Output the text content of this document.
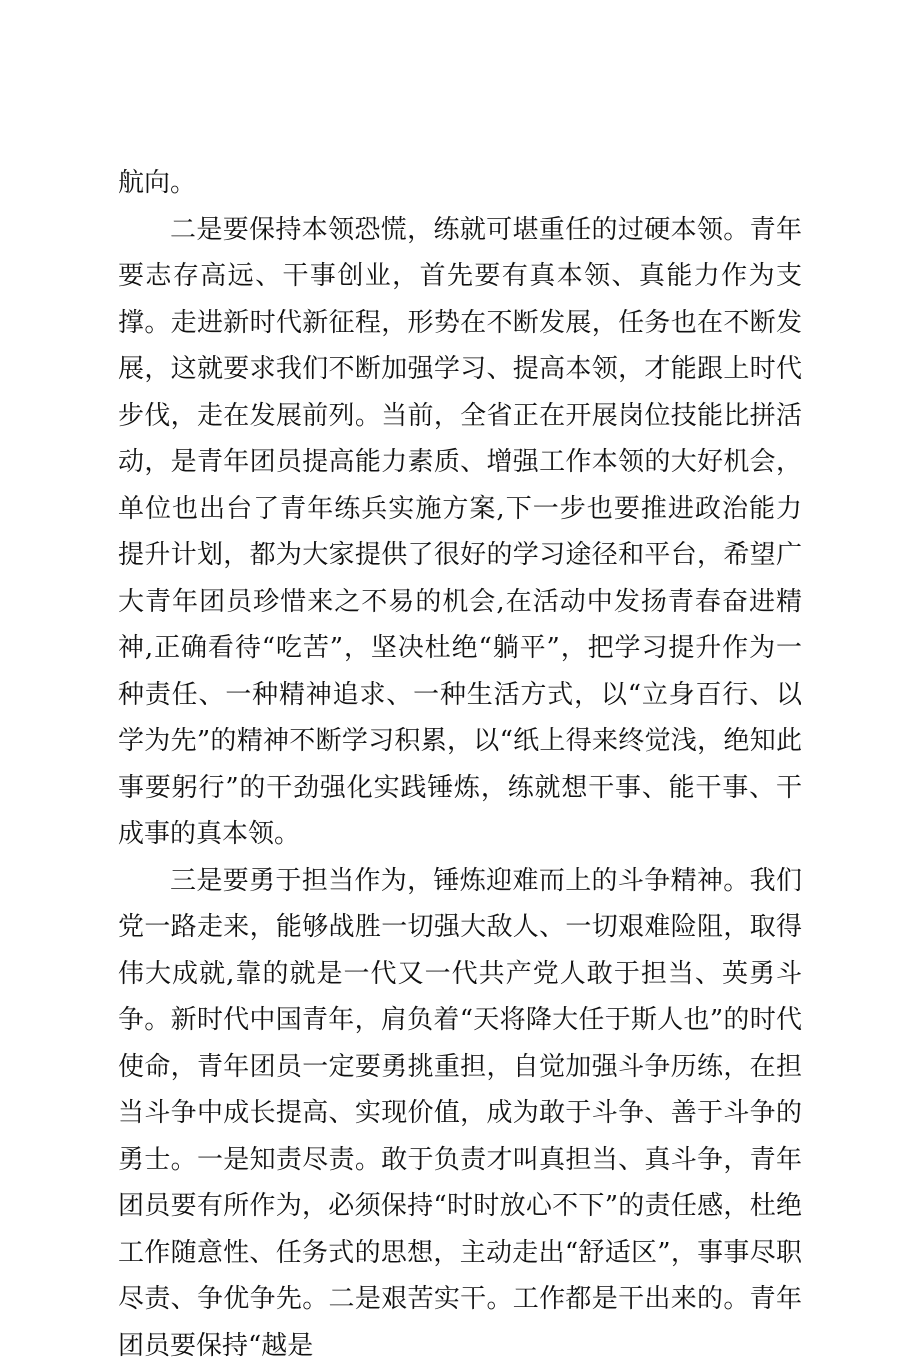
航向。

二是要保持本领恐慌，练就可堪重任的过硬本领。青年要志存高远、干事创业，首先要有真本领、真能力作为支撑。走进新时代新征程，形势在不断发展，任务也在不断发展，这就要求我们不断加强学习、提高本领，才能跟上时代步伐，走在发展前列。当前，全省正在开展岗位技能比拼活动，是青年团员提高能力素质、增强工作本领的大好机会，单位也出台了青年练兵实施方案,下一步也要推进政治能力提升计划，都为大家提供了很好的学习途径和平台，希望广大青年团员珍惜来之不易的机会,在活动中发扬青春奋进精神,正确看待“吃苦”，坚决杜绝“躺平”，把学习提升作为一种责任、一种精神追求、一种生活方式，以“立身百行、以学为先”的精神不断学习积累，以“纸上得来终觉浅，绝知此事要躬行”的干劲强化实践锤炼，练就想干事、能干事、干成事的真本领。

三是要勇于担当作为，锤炼迎难而上的斗争精神。我们党一路走来，能够战胜一切强大敌人、一切艰难险阻，取得伟大成就,靠的就是一代又一代共产党人敢于担当、英勇斗争。新时代中国青年，肩负着“天将降大任于斯人也”的时代使命，青年团员一定要勇挑重担，自觉加强斗争历练，在担当斗争中成长提高、实现价值，成为敢于斗争、善于斗争的勇士。一是知责尽责。敢于负责才叫真担当、真斗争，青年团员要有所作为，必须保持“时时放心不下”的责任感，杜绝工作随意性、任务式的思想，主动走出“舒适区”，事事尽职尽责、争优争先。二是艰苦实干。工作都是干出来的。青年团员要保持“越是
